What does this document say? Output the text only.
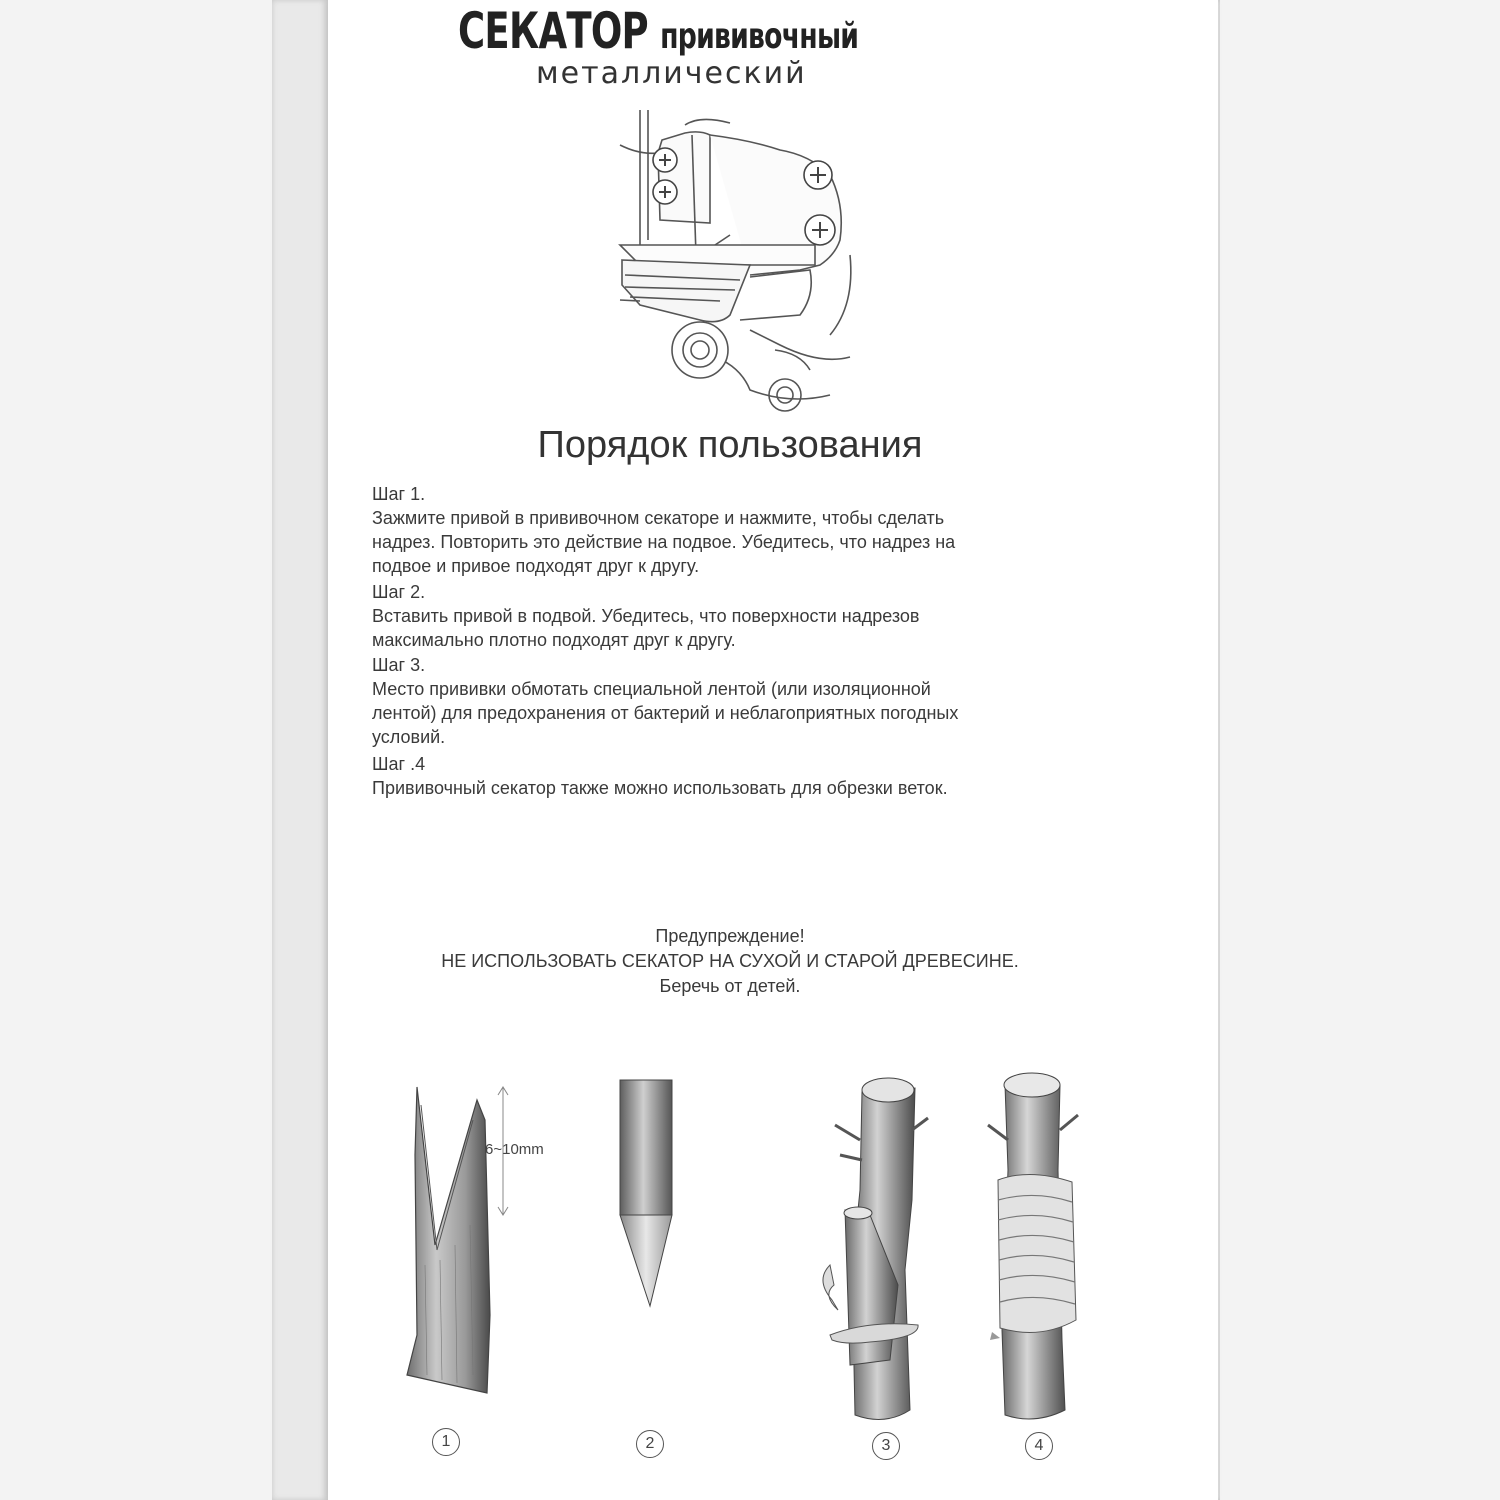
СЕКАТОР прививочный
металлический
Порядок пользования
Шаг 1.
Зажмите привой в прививочном секаторе и нажмите, чтобы сделать
надрез. Повторить это действие на подвое. Убедитесь, что надрез на
подвое и привое подходят друг к другу.
Шаг 2.
Вставить привой в подвой. Убедитесь, что поверхности надрезов
максимально плотно подходят друг к другу.
Шаг 3.
Место прививки обмотать специальной лентой (или изоляционной
лентой) для предохранения от бактерий и неблагоприятных погодных
условий.
Шаг .4
Прививочный секатор также можно использовать для обрезки веток.
Предупреждение!
НЕ ИСПОЛЬЗОВАТЬ СЕКАТОР НА СУХОЙ И СТАРОЙ ДРЕВЕСИНЕ.
Беречь от детей.
6~10mm
1	2	3	4
